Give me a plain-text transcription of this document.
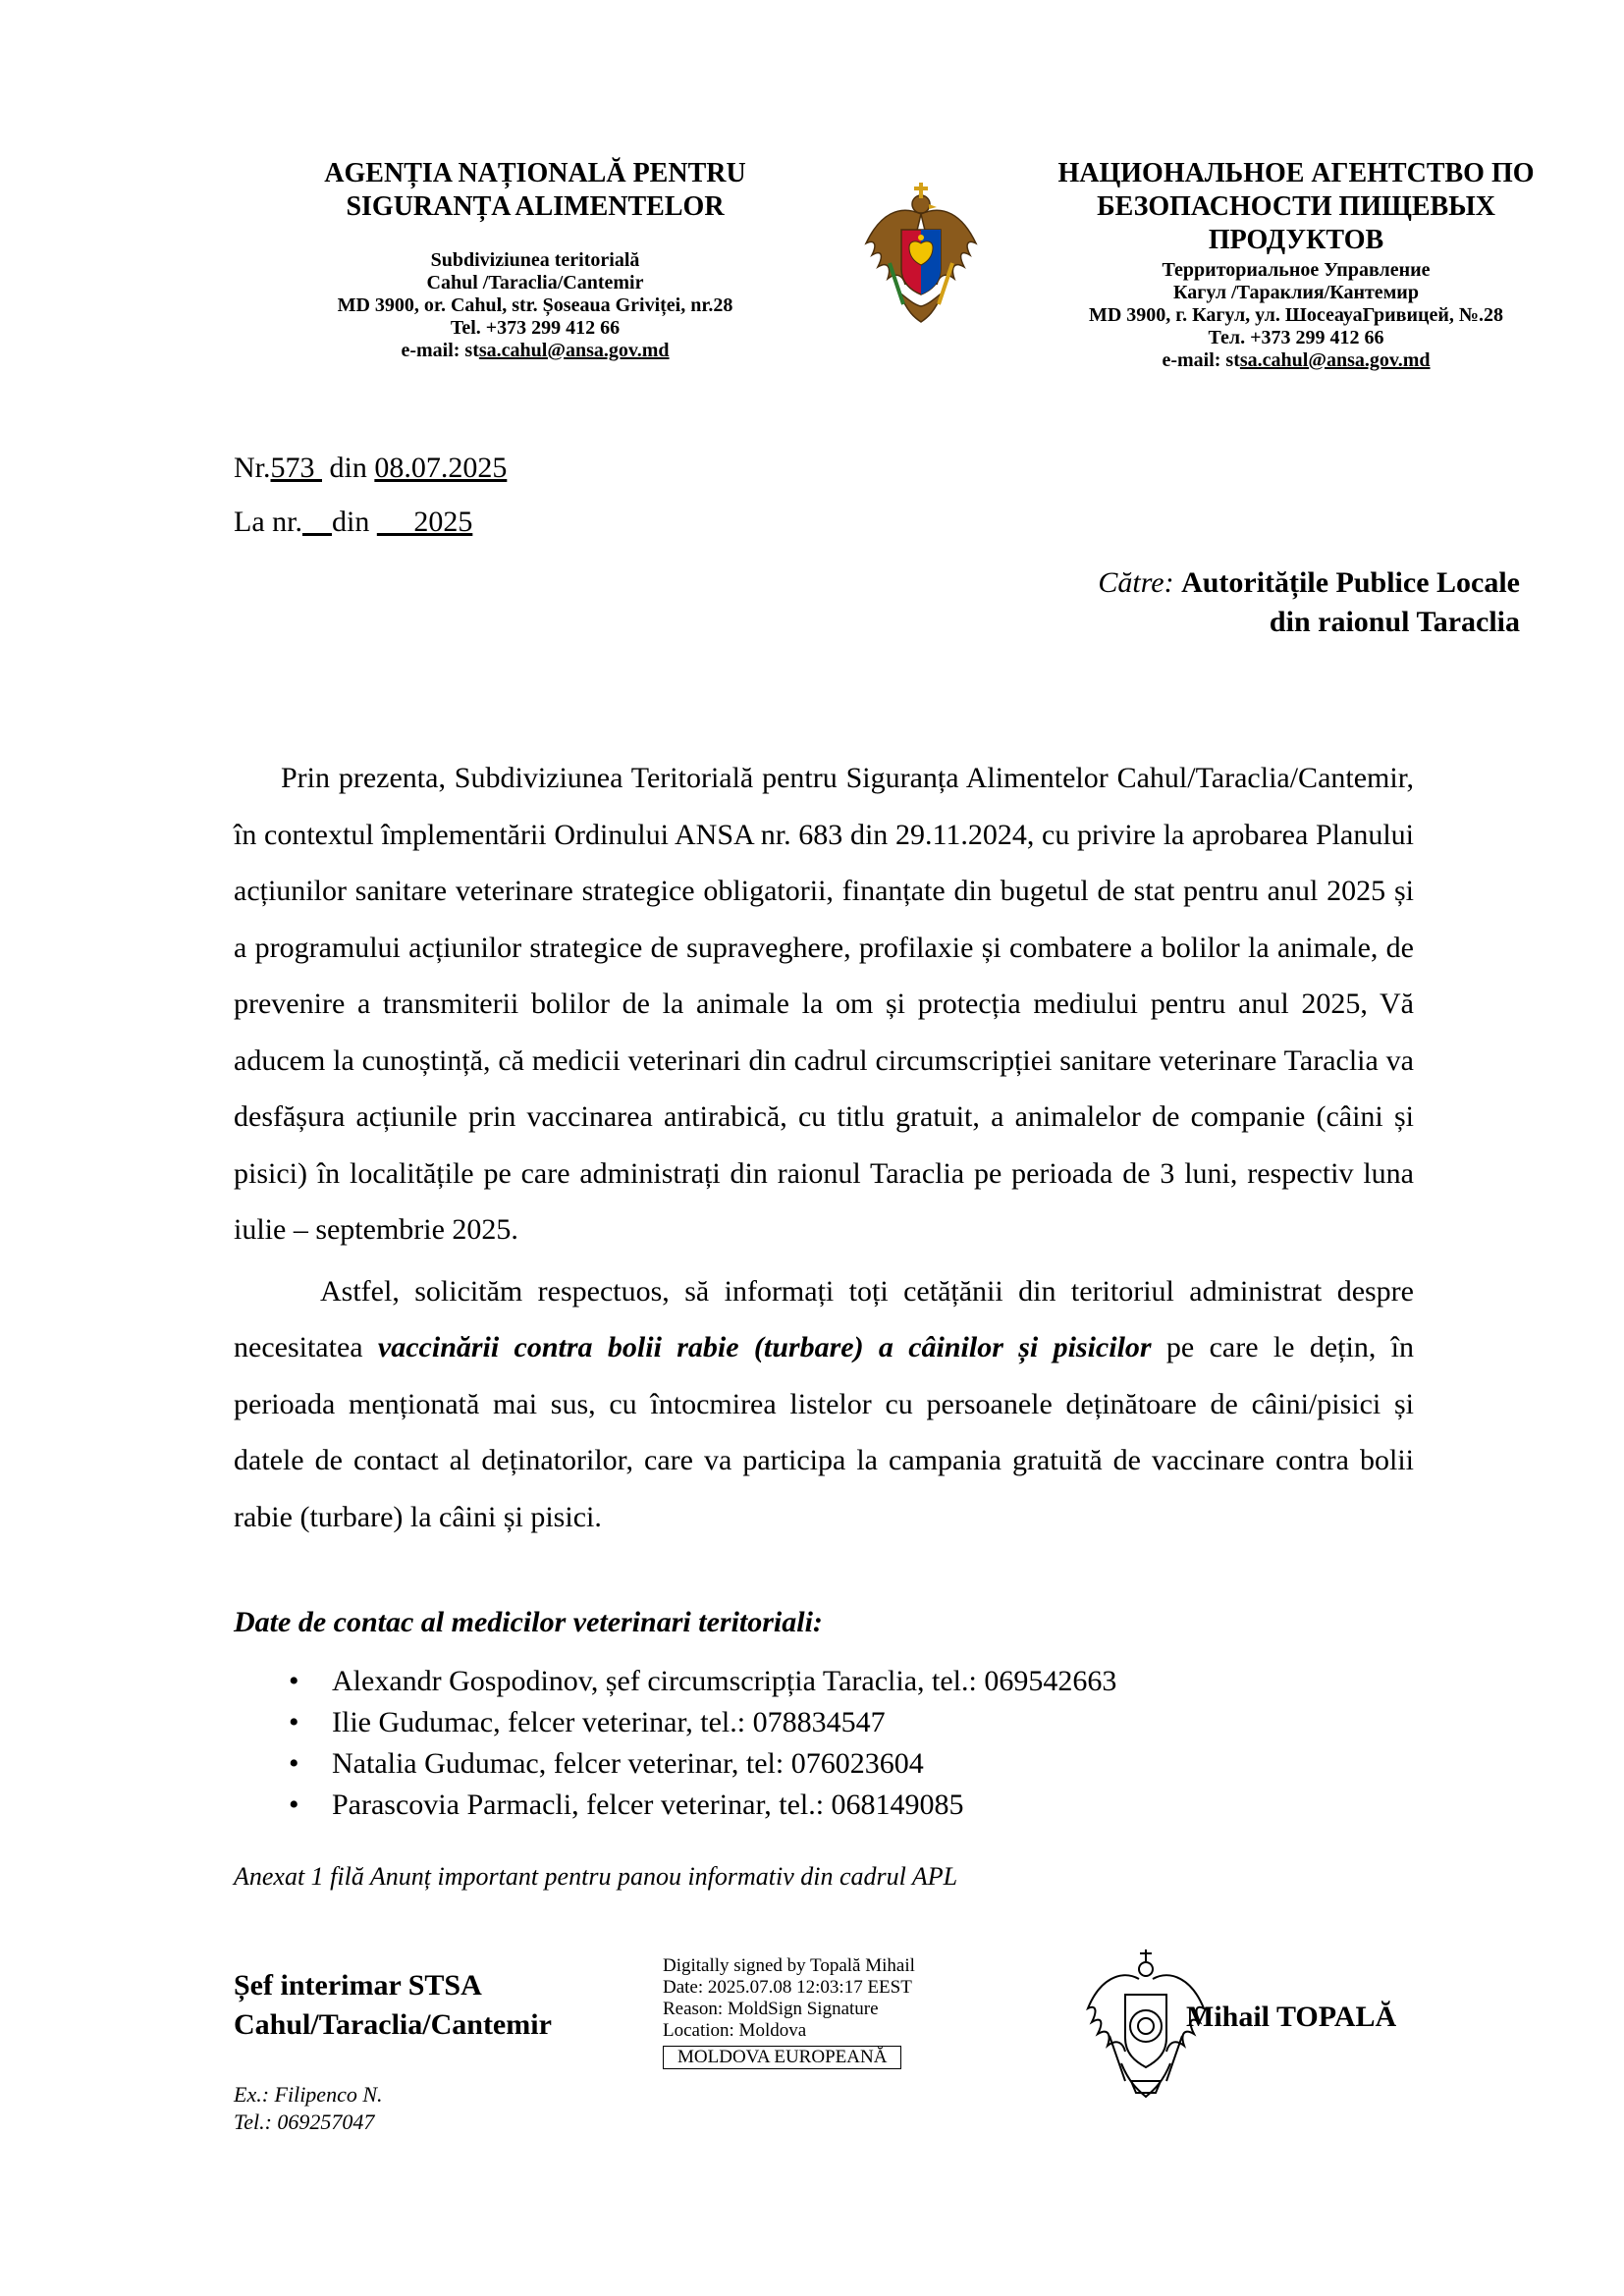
AGENȚIA NAȚIONALĂ PENTRU
SIGURANȚA ALIMENTELOR
Subdiviziunea teritorială
Cahul /Taraclia/Cantemir
MD 3900, or. Cahul, str. Șoseaua Griviței, nr.28
Tel. +373 299 412 66
e-mail: stsa.cahul@ansa.gov.md
НАЦИОНАЛЬНОЕ АГЕНТСТВО ПО
БЕЗОПАСНОСТИ ПИЩЕВЫХ
ПРОДУКТОВ
Территориальное Управление
Кагул /Тараклия/Кантемир
MD 3900, г. Кагул, ул. ШосеауаГривицей, №.28
Тел. +373 299 412 66
e-mail: stsa.cahul@ansa.gov.md
Nr.573  din 08.07.2025
La nr. din      2025
Către: Autoritățile Publice Locale
din raionul Taraclia

Prin prezenta, Subdiviziunea Teritorială pentru Siguranța Alimentelor Cahul/Taraclia/Cantemir, în contextul împlementării Ordinului ANSA nr. 683 din 29.11.2024, cu privire la aprobarea Planului acțiunilor sanitare veterinare strategice obligatorii, finanțate din bugetul de stat pentru anul 2025 și a programului acțiunilor strategice de supraveghere, profilaxie și combatere a bolilor la animale, de prevenire a transmiterii bolilor de la animale la om și protecția mediului pentru anul 2025, Vă aducem la cunoștință, că medicii veterinari din cadrul circumscripției sanitare veterinare Taraclia va desfășura acțiunile prin vaccinarea antirabică, cu titlu gratuit, a animalelor de companie (câini și pisici) în localitățile pe care administrați din raionul Taraclia pe perioada de 3 luni, respectiv luna iulie – septembrie 2025.

Astfel, solicităm respectuos, să informați toți cetățănii din teritoriul administrat despre necesitatea vaccinării contra bolii rabie (turbare) a câinilor și pisicilor pe care le dețin, în perioada menționată mai sus, cu întocmirea listelor cu persoanele deținătoare de câini/pisici și datele de contact al deținatorilor, care va participa la campania gratuită de vaccinare contra bolii rabie (turbare) la câini și pisici.

Date de contac al medicilor veterinari teritoriali:
• Alexandr Gospodinov, șef circumscripția Taraclia, tel.: 069542663
• Ilie Gudumac, felcer veterinar, tel.: 078834547
• Natalia Gudumac, felcer veterinar, tel: 076023604
• Parascovia Parmacli, felcer veterinar, tel.: 068149085
Anexat 1 filă Anunț important pentru panou informativ din cadrul APL
Șef interimar STSA
Cahul/Taraclia/Cantemir
Digitally signed by Topală Mihail
Date: 2025.07.08 12:03:17 EEST
Reason: MoldSign Signature
Location: Moldova
MOLDOVA EUROPEANĂ
Mihail TOPALĂ
Ex.: Filipenco N.
Tel.: 069257047
